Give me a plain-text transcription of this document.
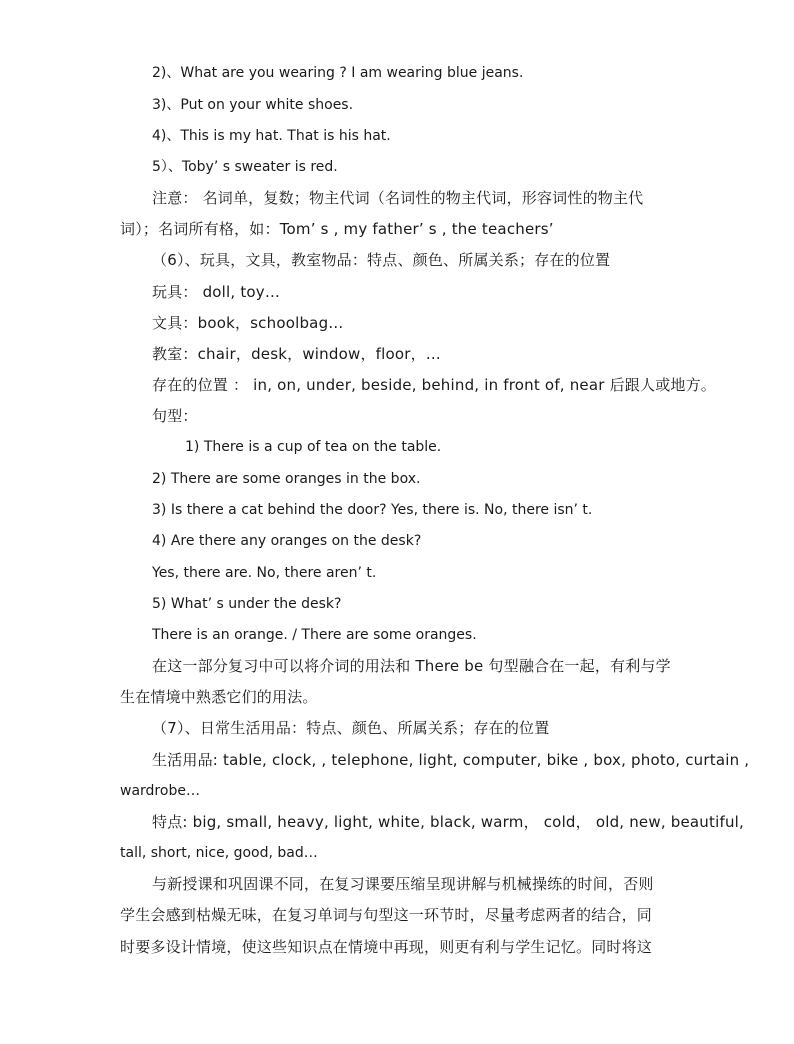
2)、What are you wearing ? I am wearing blue jeans.
3)、Put on your white shoes.
4)、This is my hat. That is his hat.
5）、Toby’ s sweater is red.
注意： 名词单，复数；物主代词（名词性的物主代词，形容词性的物主代
词）；名词所有格，如：Tom’ s , my father’ s , the teachers’
（6）、玩具，文具，教室物品：特点、颜色、所属关系；存在的位置
玩具： doll, toy…
文具：book，schoolbag…
教室：chair，desk，window，floor，…
存在的位置 ： in, on, under, beside, behind, in front of, near 后跟人或地方。
句型：
1) There is a cup of tea on the table.
2) There are some oranges in the box.
3) Is there a cat behind the door? Yes, there is. No, there isn’ t.
4) Are there any oranges on the desk?
Yes, there are. No, there aren’ t.
5) What’ s under the desk?
There is an orange. / There are some oranges.
在这一部分复习中可以将介词的用法和 There be 句型融合在一起，有利与学
生在情境中熟悉它们的用法。
（7）、日常生活用品：特点、颜色、所属关系；存在的位置
生活用品: table, clock, , telephone, light, computer, bike , box, photo, curtain ,
wardrobe…
特点: big, small, heavy, light, white, black, warm， cold， old, new, beautiful,
tall, short, nice, good, bad…
与新授课和巩固课不同，在复习课要压缩呈现讲解与机械操练的时间，否则
学生会感到枯燥无味，在复习单词与句型这一环节时，尽量考虑两者的结合，同
时要多设计情境，使这些知识点在情境中再现，则更有利与学生记忆。同时将这
